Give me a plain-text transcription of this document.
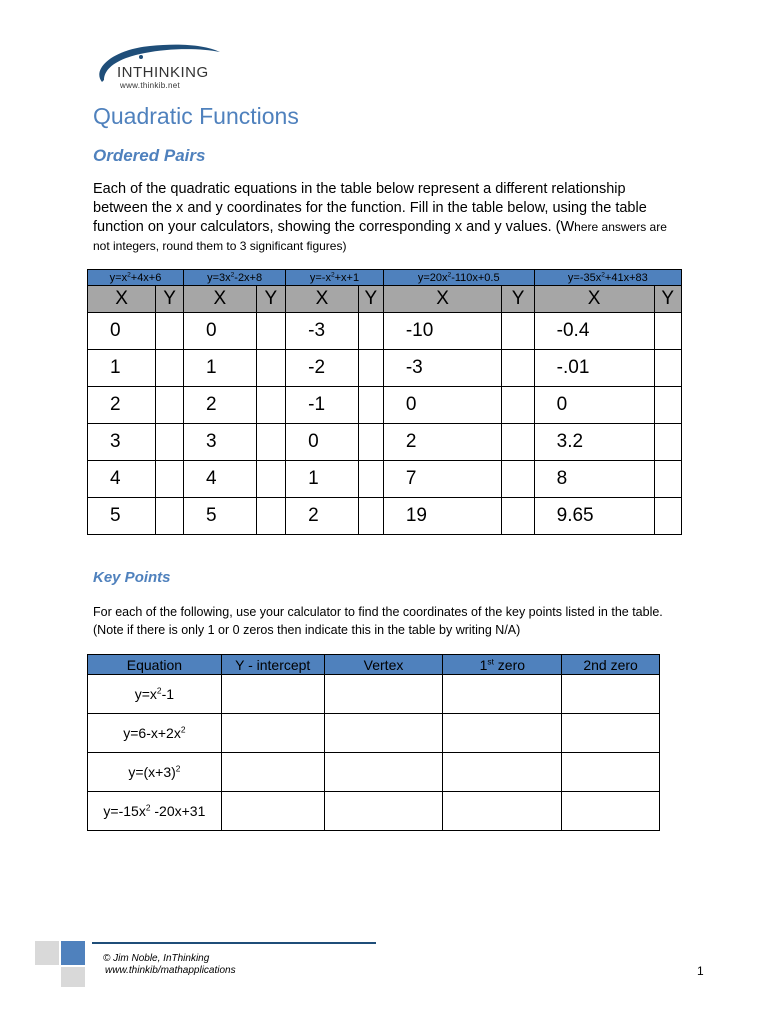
INTHINKING
www.thinkib.net
Quadratic Functions
Ordered Pairs
Each of the quadratic equations in the table below represent a different relationship between the x and y coordinates for the function. Fill in the table below, using the table function on your calculators, showing the corresponding x and y values. (Where answers are not integers, round them to 3 significant figures)
$y=x^2+4x+6$		$y=3x^2-2x+8$		$y=-x^2+x+1$		$y=20x^2-110x+0.5$		$y=-35x^2+41x+83$	
X	Y	X	Y	X	Y	X	Y	X	Y
0		0		-3		-10		-0.4	
1		1		-2		-3		-.01	
2		2		-1		0		0	
3		3		0		2		3.2	
4		4		1		7		8	
5		5		2		19		9.65	
Key Points
For each of the following, use your calculator to find the coordinates of the key points listed in the table. (Note if there is only 1 or 0 zeros then indicate this in the table by writing N/A)
Equation	Y - intercept	Vertex	1st zero	2nd zero
$y=x^2-1$				
$y=6-x+2x^2$				
$y=(x+3)^2$				
$y=-15x^2$ -20x+31				
© Jim Noble, InThinking
www.thinkib/mathapplications	1
